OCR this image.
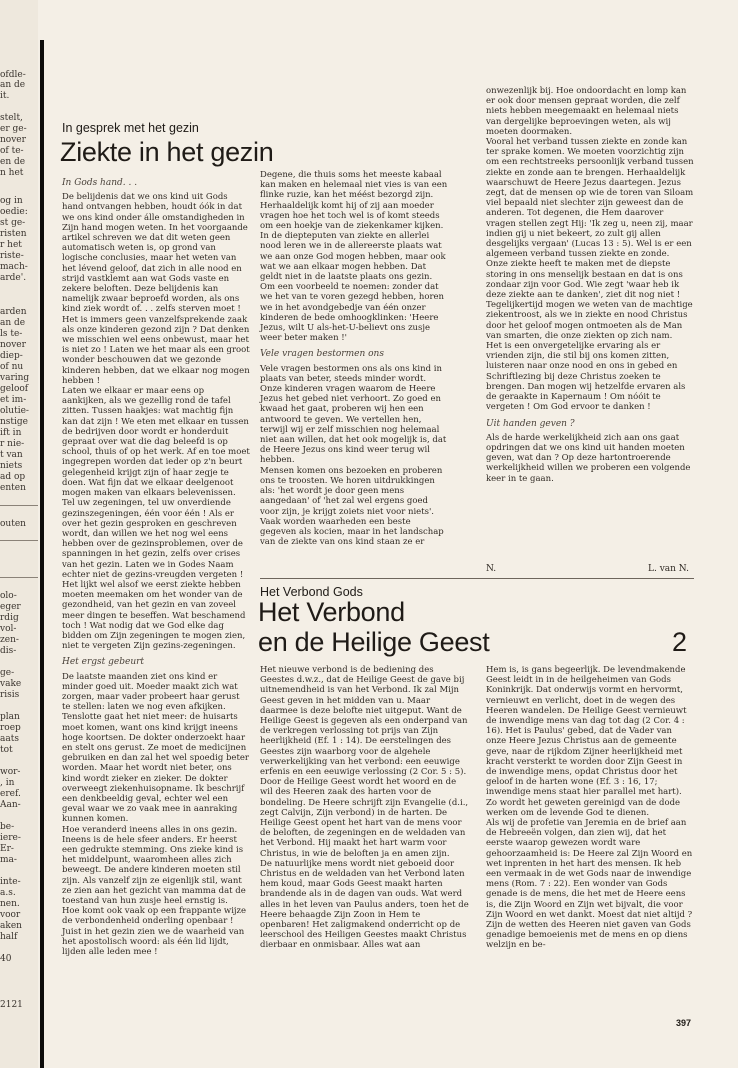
ofdle-
an de
it.
stelt,
er ge-
nover
of te-
en de
n het
og in
oedie:
st ge-
risten
r het
riste-
mach-
arde'.
arden
an de
ls te-
nover
diep-
of nu
varing
geloof
et im-
olutie-
nstige
ift in
r nie-
t van
niets
ad op
enten
outen
olo-
eger
rdig
vol-
zen-
dis-
ge-
vake
risis
plan
roep
aats
tot
wor-
, in
eref.
Aan-
be-
iere-
Er-
ma-
inte-
a.s.
nen.
voor
aken
half
40
2121
In gesprek met het gezin
Ziekte in het gezin
In Gods hand. . .

De belijdenis dat we ons kind uit Gods hand ontvangen hebben, houdt óók in dat we ons kind onder álle omstandigheden in Zijn hand mogen weten. In het voorgaande artikel schreven we dat dit weten geen automatisch weten is, op grond van logische conclusies, maar het weten van het lévend geloof, dat zich in alle nood en strijd vastklemt aan wat Gods vaste en zekere beloften. Deze belijdenis kan namelijk zwaar beproefd worden, als ons kind ziek wordt of. . . zelfs sterven moet !

Het is immers geen vanzelfsprekende zaak als onze kinderen gezond zijn ? Dat denken we misschien wel eens onbewust, maar het is niet zo ! Laten we het maar als een groot wonder beschouwen dat we gezonde kinderen hebben, dat we elkaar nog mogen hebben !

Laten we elkaar er maar eens op aankijken, als we gezellig rond de tafel zitten. Tussen haakjes: wat machtig fijn kan dat zijn ! We eten met elkaar en tussen de bedrijven door wordt er honderduit gepraat over wat die dag beleefd is op school, thuis of op het werk. Af en toe moet ingegrepen worden dat ieder op z'n beurt gelegenheid krijgt zijn of haar zegje te doen. Wat fijn dat we elkaar deelgenoot mogen maken van elkaars belevenissen.

Tel uw zegeningen, tel uw onverdiende gezinszegeningen, één voor één ! Als er over het gezin gesproken en geschreven wordt, dan willen we het nog wel eens hebben over de gezinsproblemen, over de spanningen in het gezin, zelfs over crises van het gezin. Laten we in Godes Naam echter niet de gezins-vreugden vergeten ! Het lijkt wel alsof we eerst ziekte hebben moeten meemaken om het wonder van de gezondheid, van het gezin en van zoveel meer dingen te beseffen. Wat beschamend toch ! Wat nodig dat we God elke dag bidden om Zijn zegeningen te mogen zien, niet te vergeten Zijn gezins-zegeningen.

Het ergst gebeurt

De laatste maanden ziet ons kind er minder goed uit. Moeder maakt zich wat zorgen, maar vader probeert haar gerust te stellen: laten we nog even afkijken. Tenslotte gaat het niet meer: de huisarts moet komen, want ons kind krijgt ineens hoge koortsen. De dokter onderzoekt haar en stelt ons gerust. Ze moet de medicijnen gebruiken en dan zal het wel spoedig beter worden. Maar het wordt niet beter, ons kind wordt zieker en zieker. De dokter overweegt ziekenhuisopname. Ik beschrijf een denkbeeldig geval, echter wel een geval waar we zo vaak mee in aanraking kunnen komen.

Hoe veranderd ineens alles in ons gezin. Ineens is de hele sfeer anders. Er heerst een gedrukte stemming. Ons zieke kind is het middelpunt, waaromheen alles zich beweegt. De andere kinderen moeten stil zijn. Als vanzelf zijn ze eigenlijk stil, want ze zien aan het gezicht van mamma dat de toestand van hun zusje heel ernstig is.

Hoe komt ook vaak op een frappante wijze de verbondenheid onderling openbaar ! Juist in het gezin zien we de waarheid van het apostolisch woord: als één lid lijdt, lijden alle leden mee !

Degene, die thuis soms het meeste kabaal kan maken en helemaal niet vies is van een flinke ruzie, kan het méést bezorgd zijn. Herhaaldelijk komt hij of zij aan moeder vragen hoe het toch wel is of komt steeds om een hoekje van de ziekenkamer kijken. In de diepteputen van ziekte en allerlei nood leren we in de allereerste plaats wat we aan onze God mogen hebben, maar ook wat we aan elkaar mogen hebben. Dat geldt niet in de laatste plaats ons gezin. Om een voorbeeld te noemen: zonder dat we het van te voren gezegd hebben, horen we in het avondgebedje van één onzer kinderen de bede omhoogklinken: 'Heere Jezus, wilt U als-het-U-believt ons zusje weer beter maken !'

Vele vragen bestormen ons

Vele vragen bestormen ons als ons kind in plaats van beter, steeds minder wordt. Onze kinderen vragen waarom de Heere Jezus het gebed niet verhoort. Zo goed en kwaad het gaat, proberen wij hen een antwoord te geven. We vertellen hen, terwijl wij er zelf misschien nog helemaal niet aan willen, dat het ook mogelijk is, dat de Heere Jezus ons kind weer terug wil hebben.

Mensen komen ons bezoeken en proberen ons te troosten. We horen uitdrukkingen als: 'het wordt je door geen mens aangedaan' of 'het zal wel ergens goed voor zijn, je krijgt zoiets niet voor niets'.

Vaak worden waarheden een beste gegeven als kocien, maar in het landschap van de ziekte van ons kind staan ze er

onwezenlijk bij. Hoe ondoordacht en lomp kan er ook door mensen gepraat worden, die zelf niets hebben meegemaakt en helemaal niets van dergelijke beproevingen weten, als wij moeten doormaken.

Vooral het verband tussen ziekte en zonde kan ter sprake komen. We moeten voorzichtig zijn om een rechtstreeks persoonlijk verband tussen ziekte en zonde aan te brengen. Herhaaldelijk waarschuwt de Heere Jezus daartegen. Jezus zegt, dat de mensen op wie de toren van Siloam viel bepaald niet slechter zijn geweest dan de anderen. Tot degenen, die Hem daarover vragen stellen zegt Hij: 'Ik zeg u, neen zij, maar indien gij u niet bekeert, zo zult gij allen desgelijks vergaan' (Lucas 13 : 5). Wel is er een algemeen verband tussen ziekte en zonde. Onze ziekte heeft te maken met de diepste storing in ons menselijk bestaan en dat is ons zondaar zijn voor God. Wie zegt 'waar heb ik deze ziekte aan te danken', ziet dit nog niet !

Tegelijkertijd mogen we weten van de machtige ziekentroost, als we in ziekte en nood Christus door het geloof mogen ontmoeten als de Man van smarten, die onze ziekten op zich nam.

Het is een onvergetelijke ervaring als er vrienden zijn, die stil bij ons komen zitten, luisteren naar onze nood en ons in gebed en Schriftlezing bij deze Christus zoeken te brengen. Dan mogen wij hetzelfde ervaren als de geraakte in Kapernaum ! Om nóóit te vergeten ! Om God ervoor te danken !

Uit handen geven ?

Als de harde werkelijkheid zich aan ons gaat opdringen dat we ons kind uit handen moeten geven, wat dan ? Op deze hartontroerende werkelijkheid willen we proberen een volgende keer in te gaan.

N.	L. van N.
Het Verbond Gods
Het Verbond
en de Heilige Geest	2

Het nieuwe verbond is de bediening des Geestes d.w.z., dat de Heilige Geest de gave bij uitnemendheid is van het Verbond. Ik zal Mijn Geest geven in het midden van u. Maar daarmee is deze belofte niet uitgeput. Want de Heilige Geest is gegeven als een onderpand van de verkregen verlossing tot prijs van Zijn heerlijkheid (Ef. 1 : 14). De eerstelingen des Geestes zijn waarborg voor de algehele verwerkelijking van het verbond: een eeuwige erfenis en een eeuwige verlossing (2 Cor. 5 : 5). Door de Heilige Geest wordt het woord en de wil des Heeren zaak des harten voor de bondeling. De Heere schrijft zijn Evangelie (d.i., zegt Calvijn, Zijn verbond) in de harten. De Heilige Geest opent het hart van de mens voor de beloften, de zegeningen en de weldaden van het Verbond. Hij maakt het hart warm voor Christus, in wie de beloften ja en amen zijn.

De natuurlijke mens wordt niet geboeid door Christus en de weldaden van het Verbond laten hem koud, maar Gods Geest maakt harten brandende als in de dagen van ouds. Wat werd alles in het leven van Paulus anders, toen het de Heere behaagde Zijn Zoon in Hem te openbaren! Het zaligmakend onderricht op de leerschool des Heiligen Geestes maakt Christus dierbaar en onmisbaar. Alles wat aan

Hem is, is gans begeerlijk. De levendmakende Geest leidt in in de heilgeheimen van Gods Koninkrijk. Dat onderwijs vormt en hervormt, vernieuwt en verlicht, doet in de wegen des Heeren wandelen. De Heilige Geest vernieuwt de inwendige mens van dag tot dag (2 Cor. 4 : 16). Het is Paulus' gebed, dat de Vader van onze Heere Jezus Christus aan de gemeente geve, naar de rijkdom Zijner heerlijkheid met kracht versterkt te worden door Zijn Geest in de inwendige mens, opdat Christus door het geloof in de harten wone (Ef. 3 : 16, 17; inwendige mens staat hier parallel met hart). Zo wordt het geweten gereinigd van de dode werken om de levende God te dienen.

Als wij de profetie van Jeremia en de brief aan de Hebreeën volgen, dan zien wij, dat het eerste waarop gewezen wordt ware gehoorzaamheid is: De Heere zal Zijn Woord en wet inprenten in het hart des mensen. Ik heb een vermaak in de wet Gods naar de inwendige mens (Rom. 7 : 22). Een wonder van Gods genade is de mens, die het met de Heere eens is, die Zijn Woord en Zijn wet bijvalt, die voor Zijn Woord en wet dankt. Moest dat niet altijd ? Zijn de wetten des Heeren niet gaven van Gods genadige bemoeienis met de mens en op diens welzijn en be-

397
